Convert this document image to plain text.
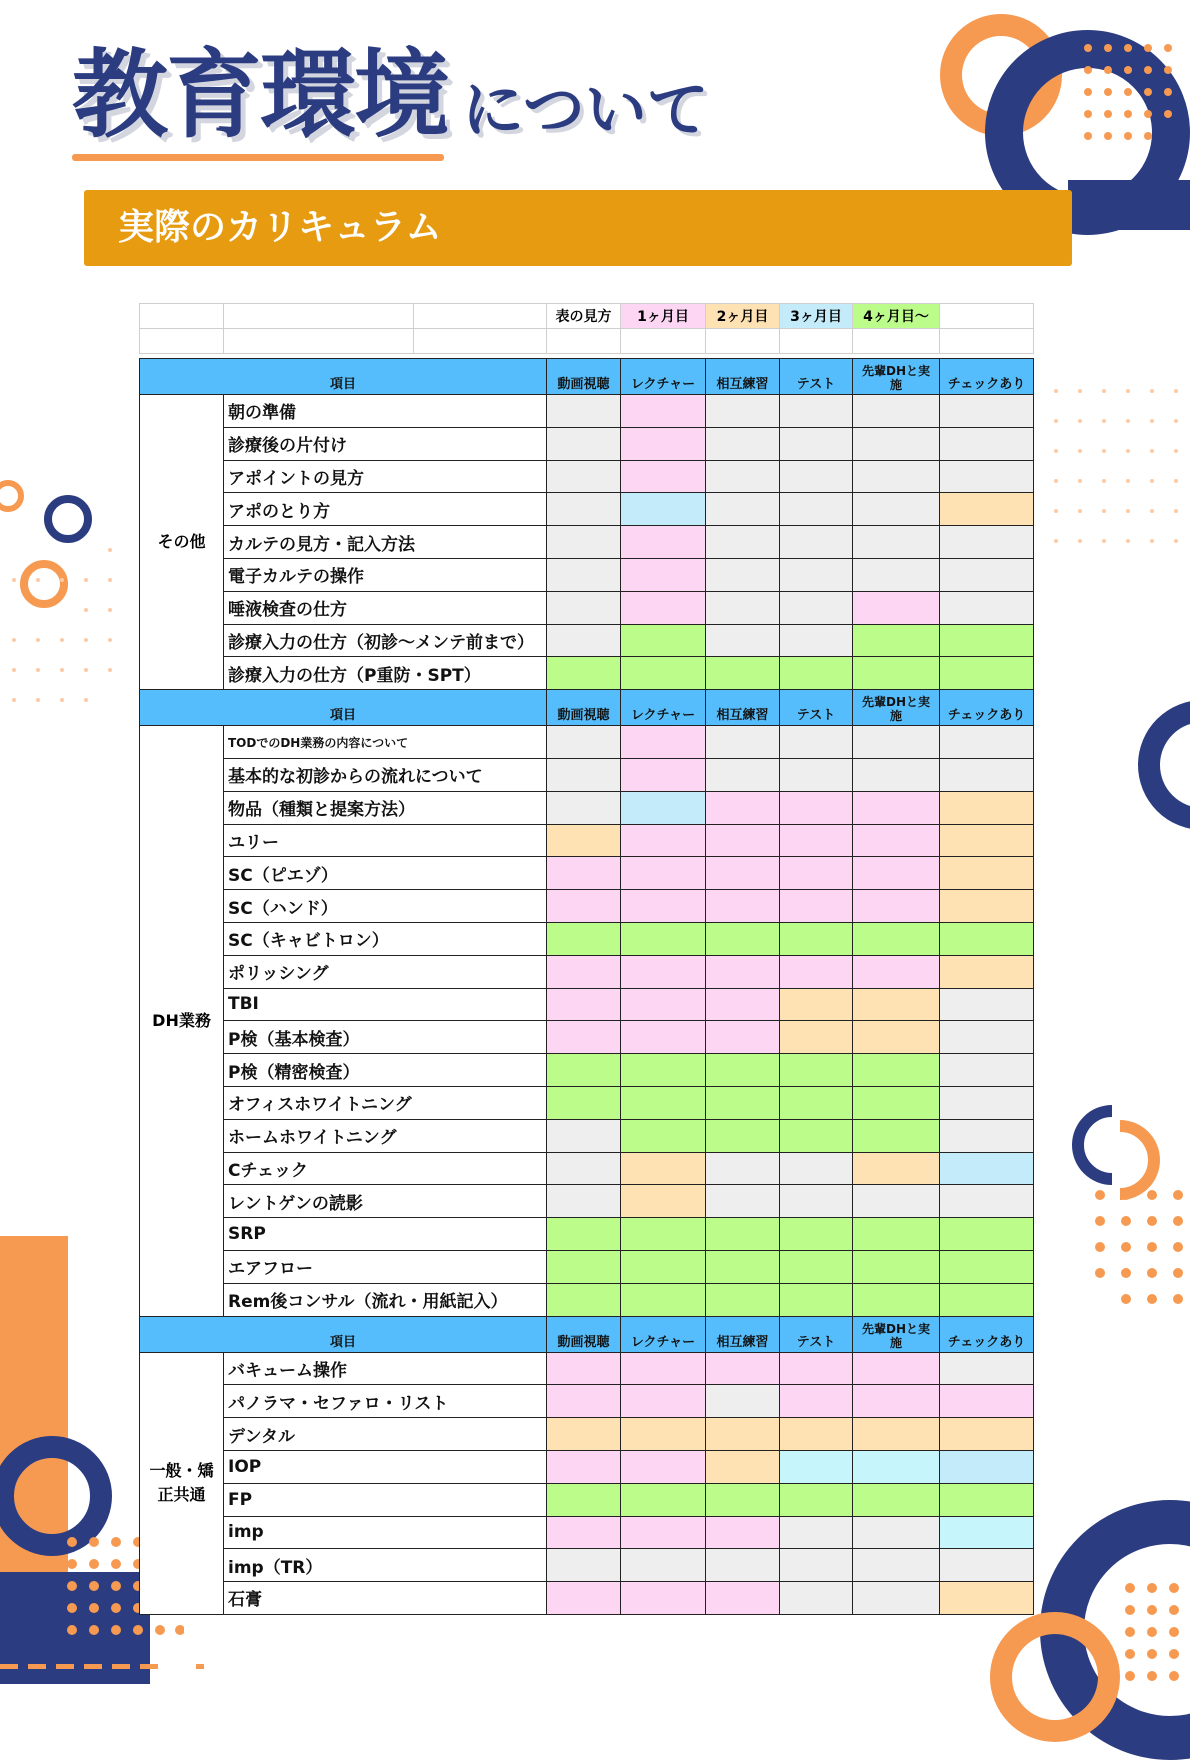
教育環境 について
実際のカリキュラム
			表の見方	1ヶ月目	2ヶ月目	3ヶ月目	4ヶ月目〜	

項目			動画視聴	レクチャー	相互練習	テスト	先輩DHと実施	チェックあり
その他	朝の準備							
	診療後の片付け							
	アポイントの見方							
	アポのとり方							
	カルテの見方・記入方法							
	電子カルテの操作							
	唾液検査の仕方							
	診療入力の仕方（初診〜メンテ前まで）							
	診療入力の仕方（P重防・SPT）							
項目			動画視聴	レクチャー	相互練習	テスト	先輩DHと実施	チェックあり
DH業務	TODでのDH業務の内容について							
	基本的な初診からの流れについて							
	物品（種類と提案方法）							
	ユリー							
	SC（ピエゾ）							
	SC（ハンド）							
	SC（キャビトロン）							
	ポリッシング							
	TBI							
	P検（基本検査）							
	P検（精密検査）							
	オフィスホワイトニング							
	ホームホワイトニング							
	Cチェック							
	レントゲンの読影							
	SRP							
	エアフロー							
	Rem後コンサル（流れ・用紙記入）							
項目			動画視聴	レクチャー	相互練習	テスト	先輩DHと実施	チェックあり
一般・矯正共通	バキューム操作							
	パノラマ・セファロ・リスト							
	デンタル							
	IOP							
	FP							
	imp							
	imp（TR）							
	石膏							
